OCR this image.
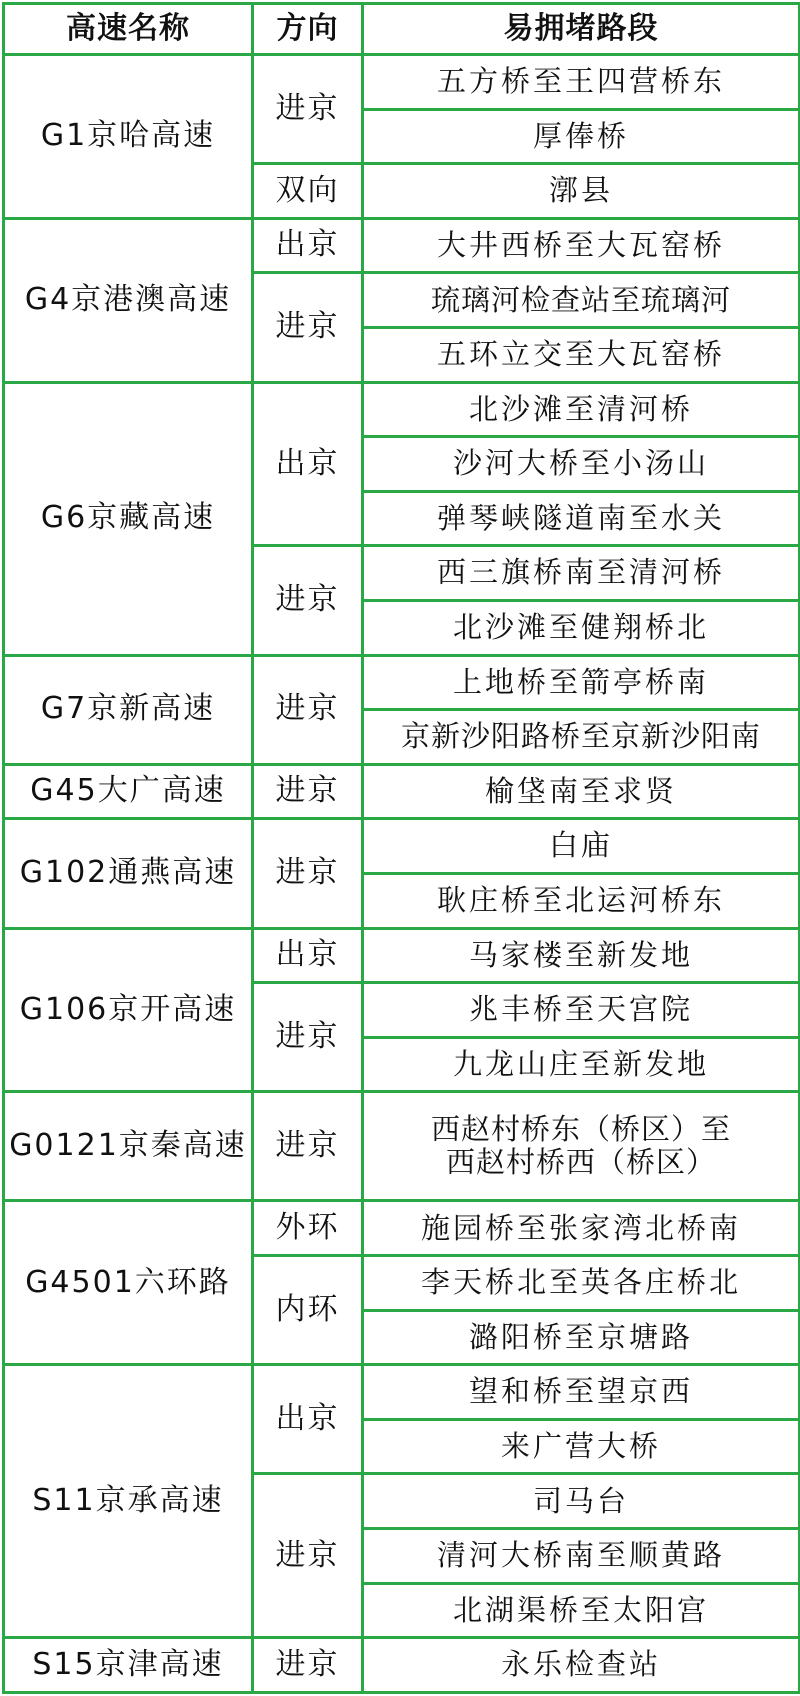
高速名称	方向	易拥堵路段
G1京哈高速	进京	五方桥至王四营桥东
		厚俸桥
	双向	漷县
G4京港澳高速	出京	大井西桥至大瓦窑桥
	进京	琉璃河检查站至琉璃河
		五环立交至大瓦窑桥
G6京藏高速	出京	北沙滩至清河桥
		沙河大桥至小汤山
		弹琴峡隧道南至水关
	进京	西三旗桥南至清河桥
		北沙滩至健翔桥北
G7京新高速	进京	上地桥至箭亭桥南
		京新沙阳路桥至京新沙阳南
G45大广高速	进京	榆垡南至求贤
G102通燕高速	进京	白庙
		耿庄桥至北运河桥东
G106京开高速	出京	马家楼至新发地
	进京	兆丰桥至天宫院
		九龙山庄至新发地
G0121京秦高速	进京	西赵村桥东（桥区）至
西赵村桥西（桥区）

G4501六环路	外环	施园桥至张家湾北桥南
	内环	李天桥北至英各庄桥北
		潞阳桥至京塘路
S11京承高速	出京	望和桥至望京西
		来广营大桥
	进京	司马台
		清河大桥南至顺黄路
		北湖渠桥至太阳宫
S15京津高速	进京	永乐检查站
